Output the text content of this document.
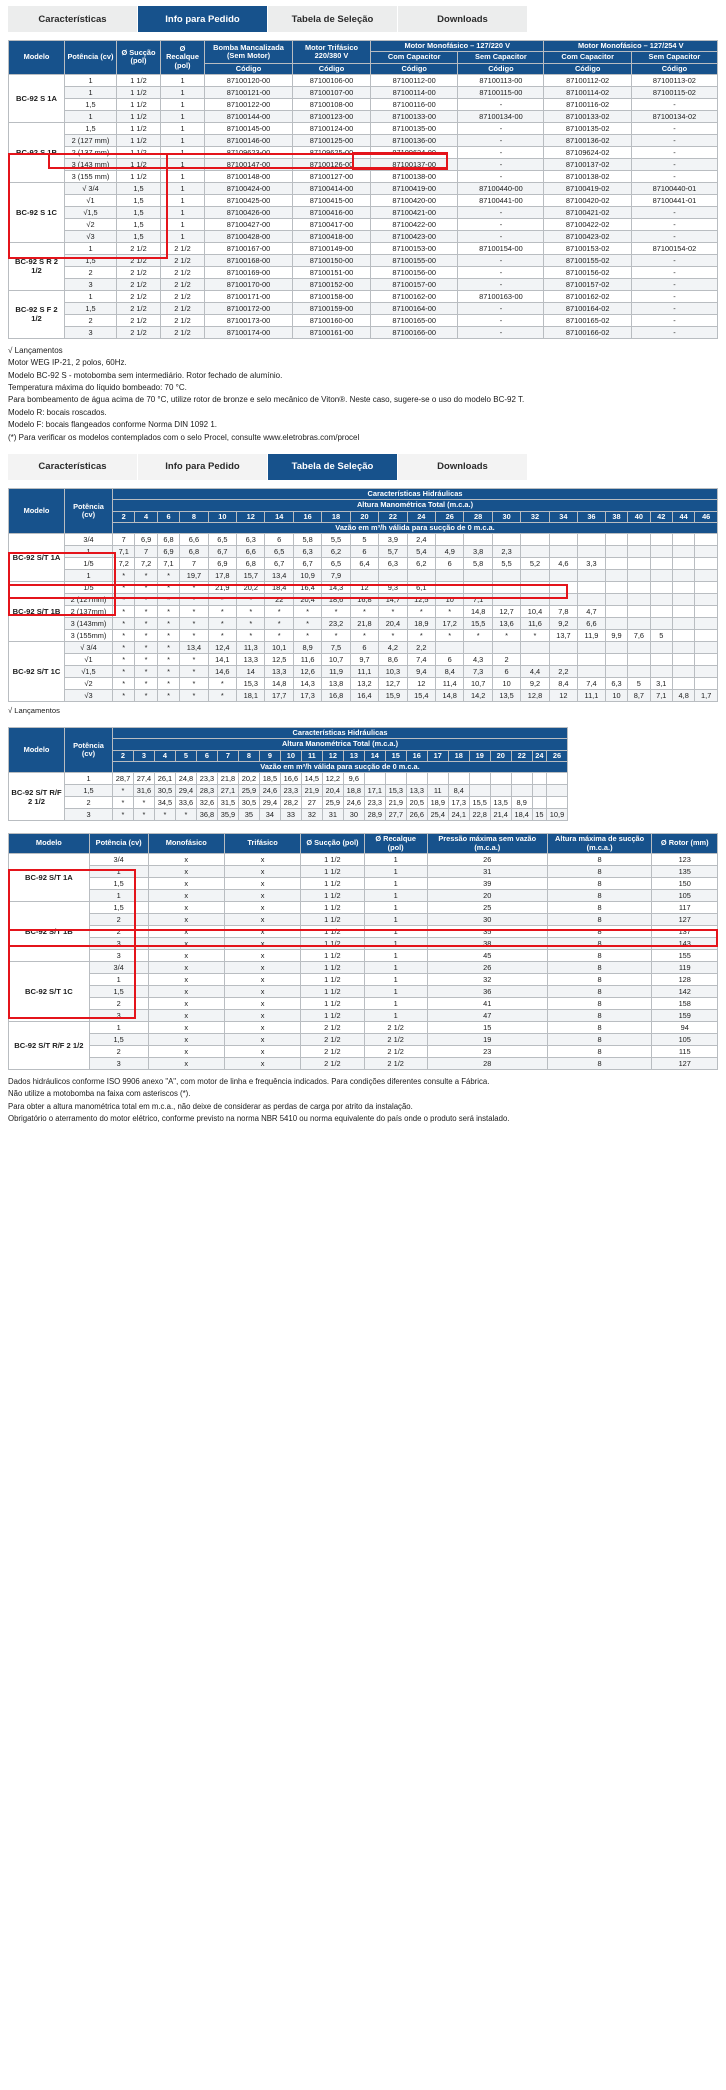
Características	Info para Pedido	Tabela de Seleção	Downloads
Modelo	Potência (cv)	Ø Sucção (pol)	Ø Recalque (pol)	Bomba Mancalizada (Sem Motor)	Motor Trifásico 220/380 V	Motor Monofásico – 127/220 V		Motor Monofásico – 127/254 V	
						Com Capacitor	Sem Capacitor	Com Capacitor	Sem Capacitor
				Código	Código	Código	Código	Código	Código
BC-92 S 1A	1	1 1/2	1	87100120-00	87100106-00	87100112-00	87100113-00	87100112-02	87100113-02
	1	1 1/2	1	87100121-00	87100107-00	87100114-00	87100115-00	87100114-02	87100115-02
	1,5	1 1/2	1	87100122-00	87100108-00	87100116-00	-	87100116-02	-
	1	1 1/2	1	87100144-00	87100123-00	87100133-00	87100134-00	87100133-02	87100134-02
BC-92 S 1B	1,5	1 1/2	1	87100145-00	87100124-00	87100135-00	-	87100135-02	-
	2 (127 mm)	1 1/2	1	87100146-00	87100125-00	87100136-00	-	87100136-02	-
	2 (137 mm)	1 1/2	1	87109623-00	87109625-00	87109624-00	-	87109624-02	-
	3 (143 mm)	1 1/2	1	87100147-00	87100126-00	87100137-00	-	87100137-02	-
	3 (155 mm)	1 1/2	1	87100148-00	87100127-00	87100138-00	-	87100138-02	-
BC-92 S 1C	√ 3/4	1,5	1	87100424-00	87100414-00	87100419-00	87100440-00	87100419-02	87100440-01
	√1	1,5	1	87100425-00	87100415-00	87100420-00	87100441-00	87100420-02	87100441-01
	√1,5	1,5	1	87100426-00	87100416-00	87100421-00	-	87100421-02	-
	√2	1,5	1	87100427-00	87100417-00	87100422-00	-	87100422-02	-
	√3	1,5	1	87100428-00	87100418-00	87100423-00	-	87100423-02	-
BC-92 S R 2 1/2	1	2 1/2	2 1/2	87100167-00	87100149-00	87100153-00	87100154-00	87100153-02	87100154-02
	1,5	2 1/2	2 1/2	87100168-00	87100150-00	87100155-00	-	87100155-02	-
	2	2 1/2	2 1/2	87100169-00	87100151-00	87100156-00	-	87100156-02	-
	3	2 1/2	2 1/2	87100170-00	87100152-00	87100157-00	-	87100157-02	-
BC-92 S F 2 1/2	1	2 1/2	2 1/2	87100171-00	87100158-00	87100162-00	87100163-00	87100162-02	-
	1,5	2 1/2	2 1/2	87100172-00	87100159-00	87100164-00	-	87100164-02	-
	2	2 1/2	2 1/2	87100173-00	87100160-00	87100165-00	-	87100165-02	-
	3	2 1/2	2 1/2	87100174-00	87100161-00	87100166-00	-	87100166-02	-
√ Lançamentos
Motor WEG IP-21, 2 polos, 60Hz.
Modelo BC-92 S - motobomba sem intermediário. Rotor fechado de alumínio.
Temperatura máxima do líquido bombeado: 70 °C.
Para bombeamento de água acima de 70 °C, utilize rotor de bronze e selo mecânico de Viton®. Neste caso, sugere-se o uso do modelo BC-92 T.
Modelo R: bocais roscados.
Modelo F: bocais flangeados conforme Norma DIN 1092 1.
(*) Para verificar os modelos contemplados com o selo Procel, consulte www.eletrobras.com/procel
Características	Info para Pedido	Tabela de Seleção	Downloads
Modelo	Potência (cv)	Características Hidráulicas																						
		Altura Manométrica Total (m.c.a.)																						
		2	4	6	8	10	12	14	16	18	20	22	24	26	28	30	32	34	36	38	40	42	44	46
		Vazão em m³/h válida para sucção de 0 m.c.a.																						
BC-92 S/T 1A	3/4	7	6,9	6,8	6,6	6,5	6,3	6	5,8	5,5	5	3,9	2,4											
	1	7,1	7	6,9	6,8	6,7	6,6	6,5	6,3	6,2	6	5,7	5,4	4,9	3,8	2,3								
	1/5	7,2	7,2	7,1	7	6,9	6,8	6,7	6,7	6,5	6,4	6,3	6,2	6	5,8	5,5	5,2	4,6	3,3					
	1	*	*	*	19,7	17,8	15,7	13,4	10,9	7,9														
BC-92 S/T 1B	1/5	*	*	*	*	21,9	20,2	18,4	16,4	14,3	12	9,3	6,1											
	2 (127mm)	*	*	*	*	*	*	22	20,4	18,6	16,8	14,7	12,5	10	7,1									
	2 (137mm)	*	*	*	*	*	*	*	*	*	*	*	*	*	14,8	12,7	10,4	7,8	4,7					
	3 (143mm)	*	*	*	*	*	*	*	*	23,2	21,8	20,4	18,9	17,2	15,5	13,6	11,6	9,2	6,6					
	3 (155mm)	*	*	*	*	*	*	*	*	*	*	*	*	*	*	*	*	13,7	11,9	9,9	7,6	5		
BC-92 S/T 1C	√ 3/4	*	*	*	13,4	12,4	11,3	10,1	8,9	7,5	6	4,2	2,2											
	√1	*	*	*	*	14,1	13,3	12,5	11,6	10,7	9,7	8,6	7,4	6	4,3	2								
	√1,5	*	*	*	*	14,6	14	13,3	12,6	11,9	11,1	10,3	9,4	8,4	7,3	6	4,4	2,2						
	√2	*	*	*	*	*	15,3	14,8	14,3	13,8	13,2	12,7	12	11,4	10,7	10	9,2	8,4	7,4	6,3	5	3,1		
	√3	*	*	*	*	*	18,1	17,7	17,3	16,8	16,4	15,9	15,4	14,8	14,2	13,5	12,8	12	11,1	10	8,7	7,1	4,8	1,7
√ Lançamentos
Modelo	Potência (cv)	Características Hidráulicas																					
		Altura Manométrica Total (m.c.a.)																					
		2	3	4	5	6	7	8	9	10	11	12	13	14	15	16	17	18	19	20	22	24	26
		Vazão em m³/h válida para sucção de 0 m.c.a.																					
BC-92 S/T R/F 2 1/2	1	28,7	27,4	26,1	24,8	23,3	21,8	20,2	18,5	16,6	14,5	12,2	9,6										
	1,5	*	31,6	30,5	29,4	28,3	27,1	25,9	24,6	23,3	21,9	20,4	18,8	17,1	15,3	13,3	11	8,4					
	2	*	*	34,5	33,6	32,6	31,5	30,5	29,4	28,2	27	25,9	24,6	23,3	21,9	20,5	18,9	17,3	15,5	13,5	8,9		
	3	*	*	*	*	36,8	35,9	35	34	33	32	31	30	28,9	27,7	26,6	25,4	24,1	22,8	21,4	18,4	15	10,9
Modelo	Potência (cv)	Monofásico	Trifásico	Ø Sucção (pol)	Ø Recalque (pol)	Pressão máxima sem vazão (m.c.a.)	Altura máxima de sucção (m.c.a.)	Ø Rotor (mm)
BC-92 S/T 1A	3/4	x	x	1 1/2	1	26	8	123
	1	x	x	1 1/2	1	31	8	135
	1,5	x	x	1 1/2	1	39	8	150
	1	x	x	1 1/2	1	20	8	105
BC-92 S/T 1B	1,5	x	x	1 1/2	1	25	8	117
	2	x	x	1 1/2	1	30	8	127
	2	x	x	1 1/2	1	35	8	137
	3	x	x	1 1/2	1	38	8	143
	3	x	x	1 1/2	1	45	8	155
BC-92 S/T 1C	3/4	x	x	1 1/2	1	26	8	119
	1	x	x	1 1/2	1	32	8	128
	1,5	x	x	1 1/2	1	36	8	142
	2	x	x	1 1/2	1	41	8	158
	3	x	x	1 1/2	1	47	8	159
BC-92 S/T R/F 2 1/2	1	x	x	2 1/2	2 1/2	15	8	94
	1,5	x	x	2 1/2	2 1/2	19	8	105
	2	x	x	2 1/2	2 1/2	23	8	115
	3	x	x	2 1/2	2 1/2	28	8	127
Dados hidráulicos conforme ISO 9906 anexo "A", com motor de linha e frequência indicados. Para condições diferentes consulte a Fábrica.
Não utilize a motobomba na faixa com asteriscos (*).
Para obter a altura manométrica total em m.c.a., não deixe de considerar as perdas de carga por atrito da instalação.
Obrigatório o aterramento do motor elétrico, conforme previsto na norma NBR 5410 ou norma equivalente do país onde o produto será instalado.
